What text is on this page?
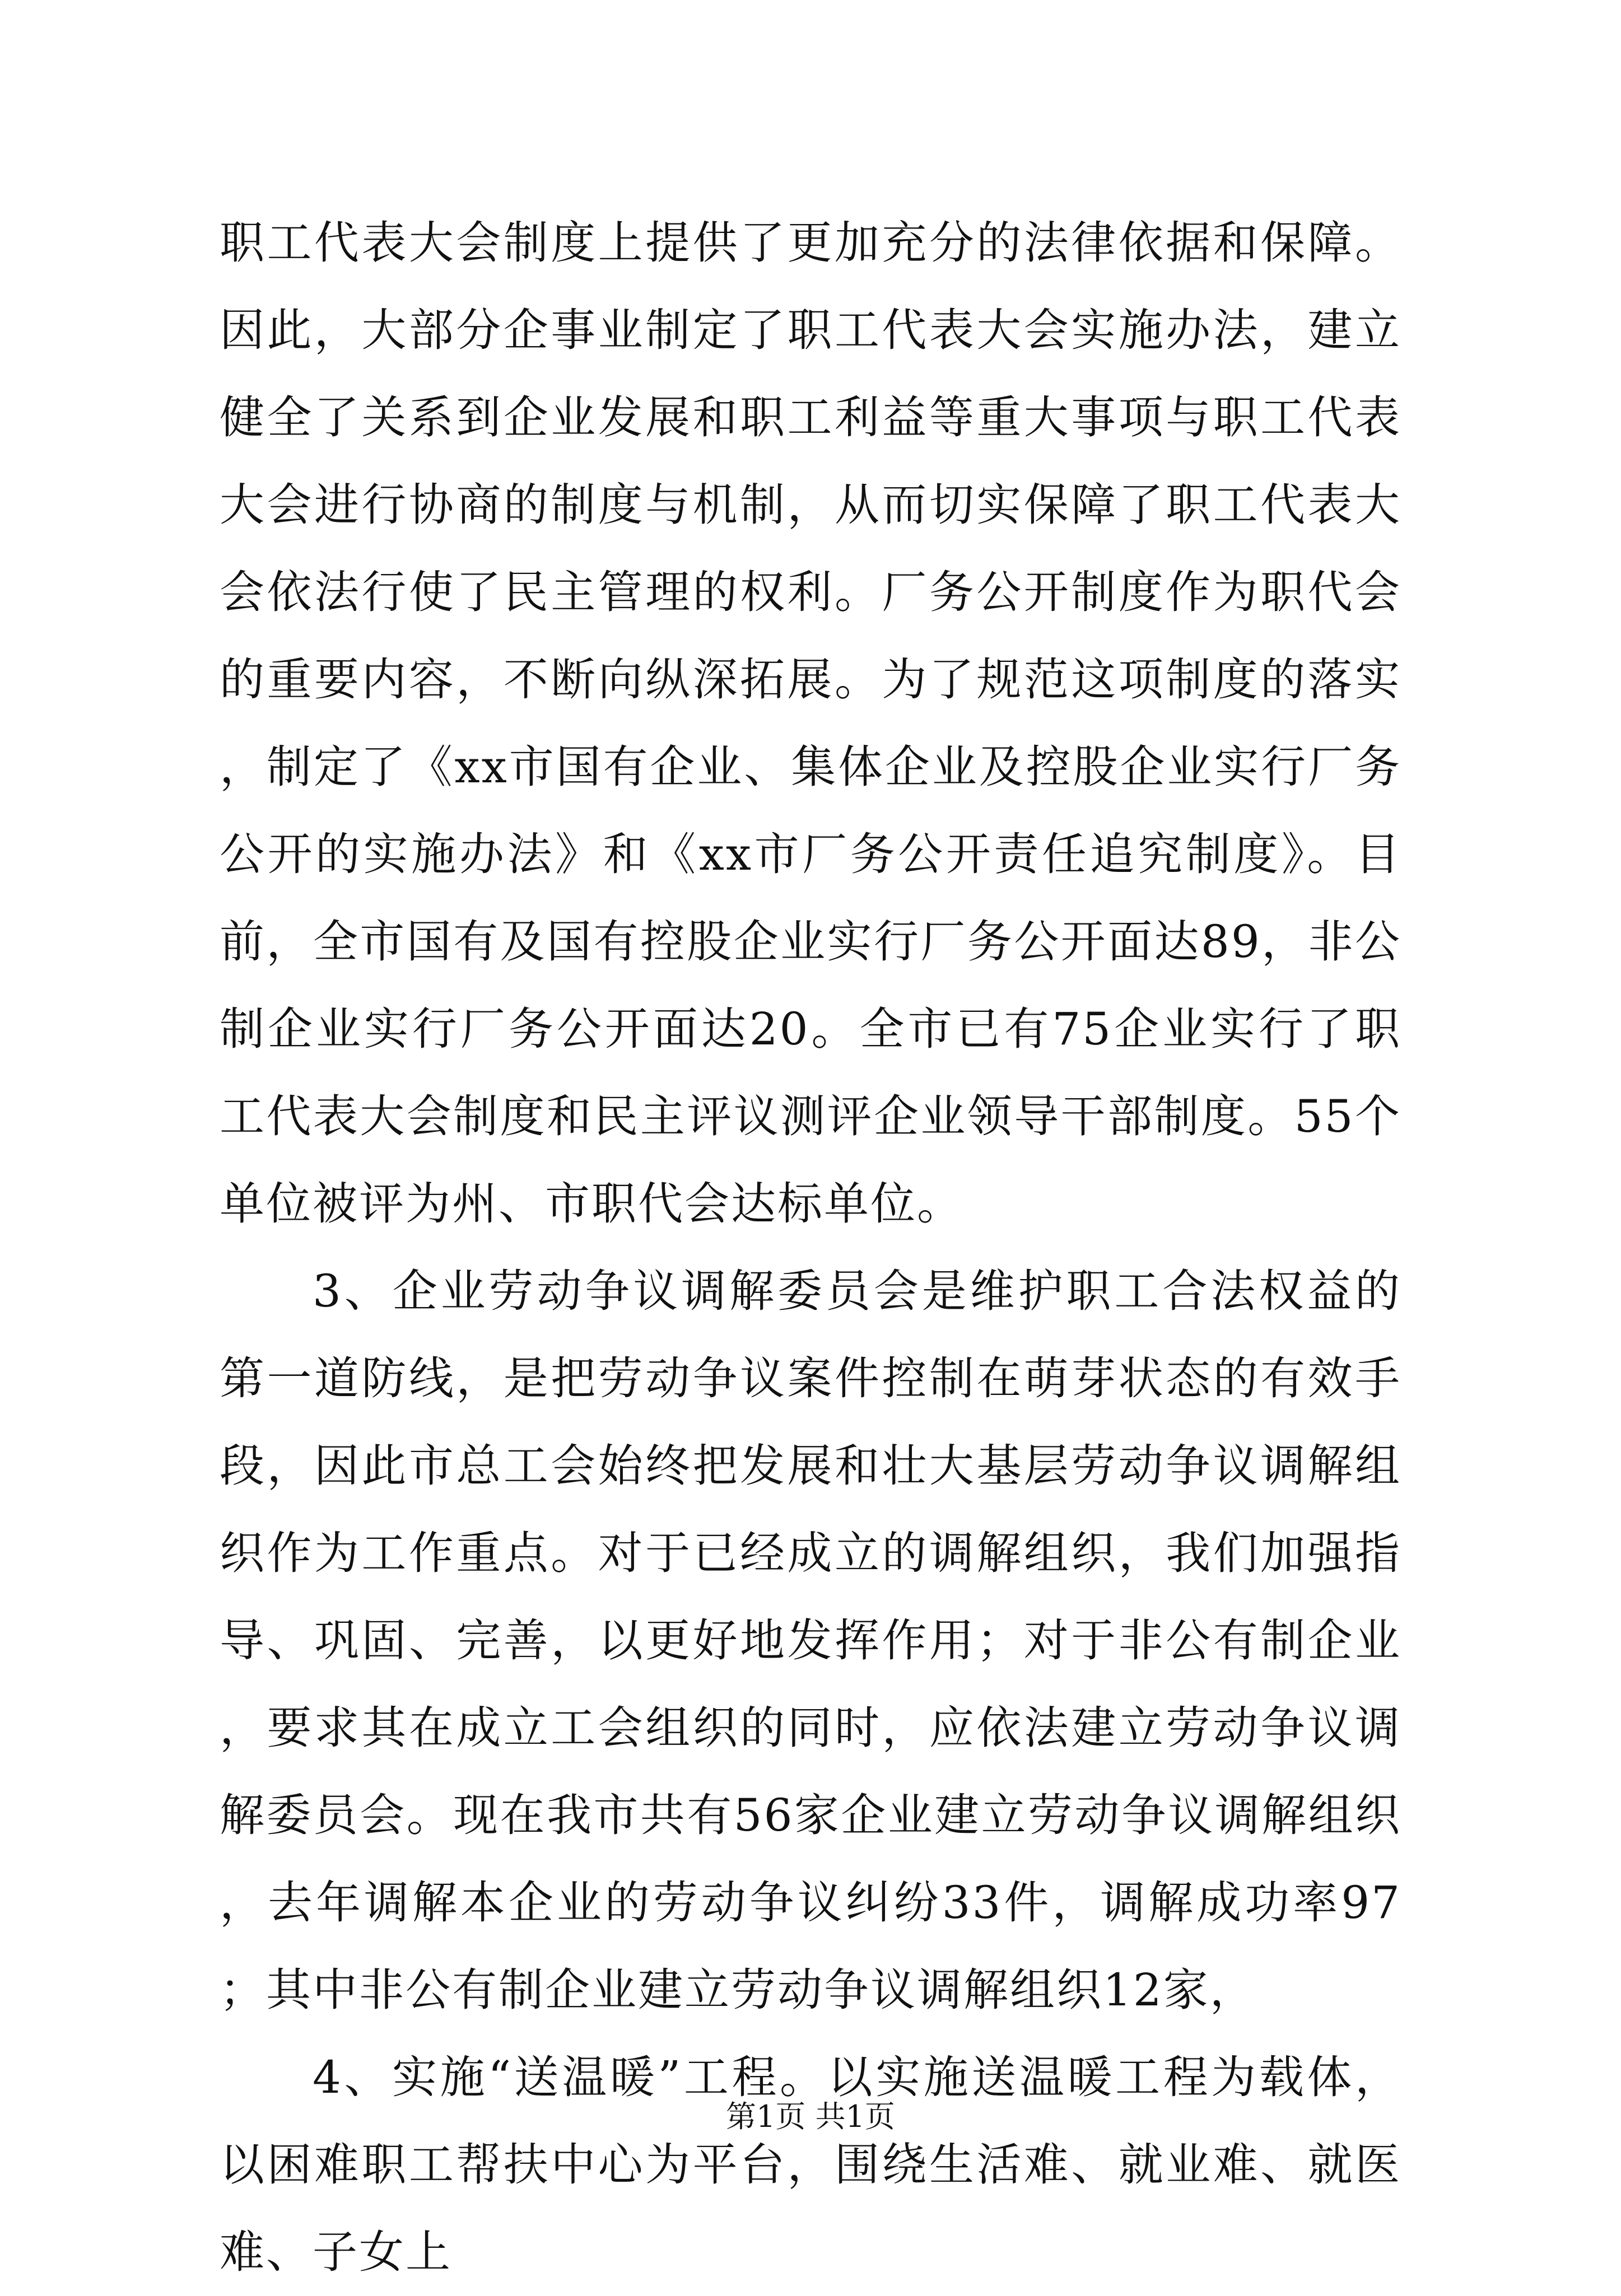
职工代表大会制度上提供了更加充分的法律依据和保障。因此，大部分企事业制定了职工代表大会实施办法，建立健全了关系到企业发展和职工利益等重大事项与职工代表大会进行协商的制度与机制，从而切实保障了职工代表大会依法行使了民主管理的权利。厂务公开制度作为职代会的重要内容，不断向纵深拓展。为了规范这项制度的落实，制定了《xx市国有企业、集体企业及控股企业实行厂务公开的实施办法》和《xx市厂务公开责任追究制度》。目前，全市国有及国有控股企业实行厂务公开面达89，非公制企业实行厂务公开面达20。全市已有75企业实行了职工代表大会制度和民主评议测评企业领导干部制度。55个单位被评为州、市职代会达标单位。

3、企业劳动争议调解委员会是维护职工合法权益的第一道防线，是把劳动争议案件控制在萌芽状态的有效手段，因此市总工会始终把发展和壮大基层劳动争议调解组织作为工作重点。对于已经成立的调解组织，我们加强指导、巩固、完善，以更好地发挥作用；对于非公有制企业，要求其在成立工会组织的同时，应依法建立劳动争议调解委员会。现在我市共有56家企业建立劳动争议调解组织，去年调解本企业的劳动争议纠纷33件，调解成功率97；其中非公有制企业建立劳动争议调解组织12家，

4、实施“送温暖”工程。以实施送温暖工程为载体，以困难职工帮扶中心为平台，围绕生活难、就业难、就医难、子女上

第1页 共1页
